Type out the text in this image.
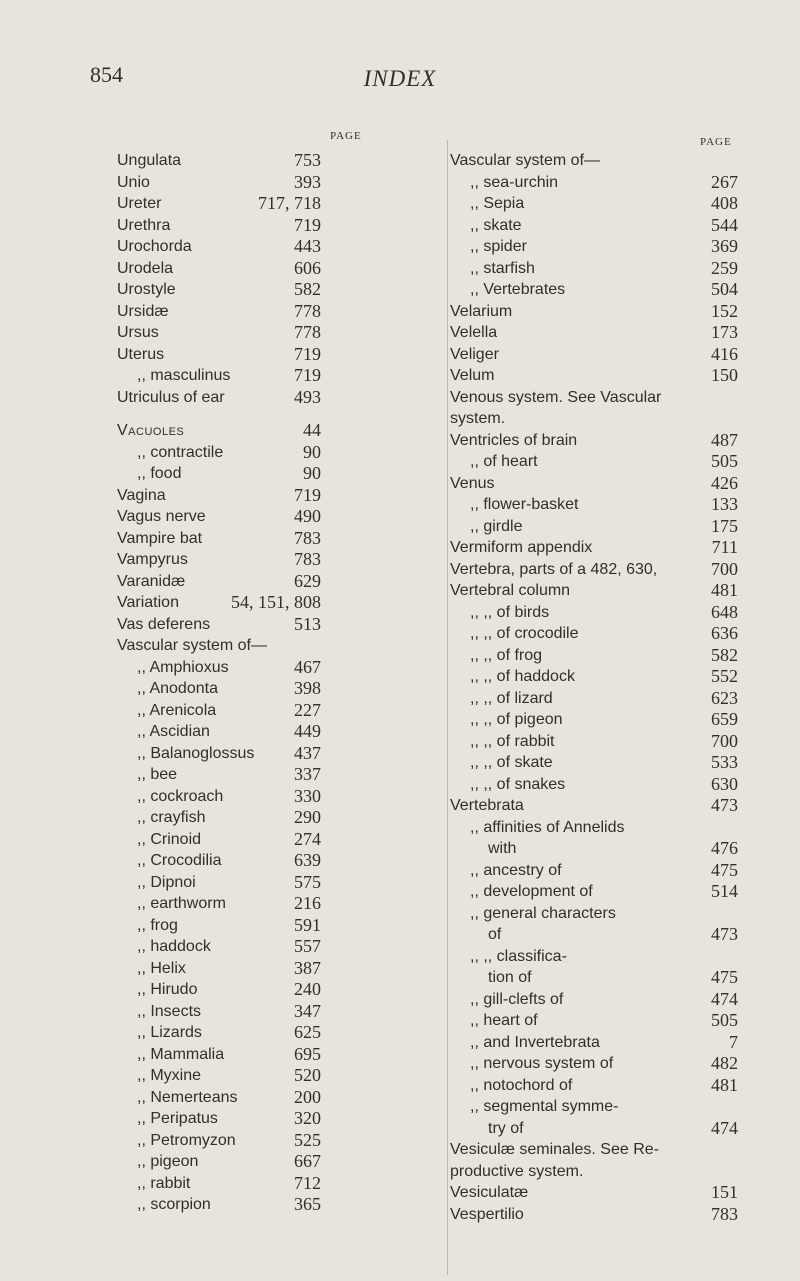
854	INDEX
PAGE
Ungulata	753
Unio	393
Ureter	717, 718
Urethra	719
Urochorda	443
Urodela	606
Urostyle	582
Ursidæ	778
Ursus	778
Uterus	719
,, masculinus	719
Utriculus of ear	493
Vacuoles	44
,, contractile	90
,, food	90
Vagina	719
Vagus nerve	490
Vampire bat	783
Vampyrus	783
Varanidæ	629
Variation	54, 151, 808
Vas deferens	513
Vascular system of—
,, Amphioxus	467
,, Anodonta	398
,, Arenicola	227
,, Ascidian	449
,, Balanoglossus 437
,, bee	337
,, cockroach	330
,, crayfish	290
,, Crinoid	274
,, Crocodilia	639
,, Dipnoi	575
,, earthworm	216
,, frog	591
,, haddock	557
,, Helix	387
,, Hirudo	240
,, Insects	347
,, Lizards	625
,, Mammalia	695
,, Myxine	520
,, Nemerteans	200
,, Peripatus	320
,, Petromyzon	525
,, pigeon	667
,, rabbit	712
,, scorpion	365
PAGE
Vascular system of—
,, sea-urchin	267
,, Sepia	408
,, skate	544
,, spider	369
,, starfish	259
,, Vertebrates	504
Velarium	152
Velella	173
Veliger	416
Velum	150
Venous system. See Vascular
system.
Ventricles of brain	487
,, of heart	505
Venus	426
,, flower-basket	133
,, girdle	175
Vermiform appendix	711
Vertebra, parts of a 482, 630,	700
Vertebral column	481
,, ,, of birds	648
,, ,, of crocodile	636
,, ,, of frog	582
,, ,, of haddock	552
,, ,, of lizard	623
,, ,, of pigeon	659
,, ,, of rabbit	700
,, ,, of skate	533
,, ,, of snakes	630
Vertebrata	473
,, affinities of Annelids
with	476
,, ancestry of	475
,, development of	514
,, general characters
of	473
,, ,, classifica-
tion of	475
,, gill-clefts of	474
,, heart of	505
,, and Invertebrata	7
,, nervous system of	482
,, notochord of	481
,, segmental symme-
try of	474
Vesiculæ seminales. See Re-
productive system.
Vesiculatæ	151
Vespertilio	783
